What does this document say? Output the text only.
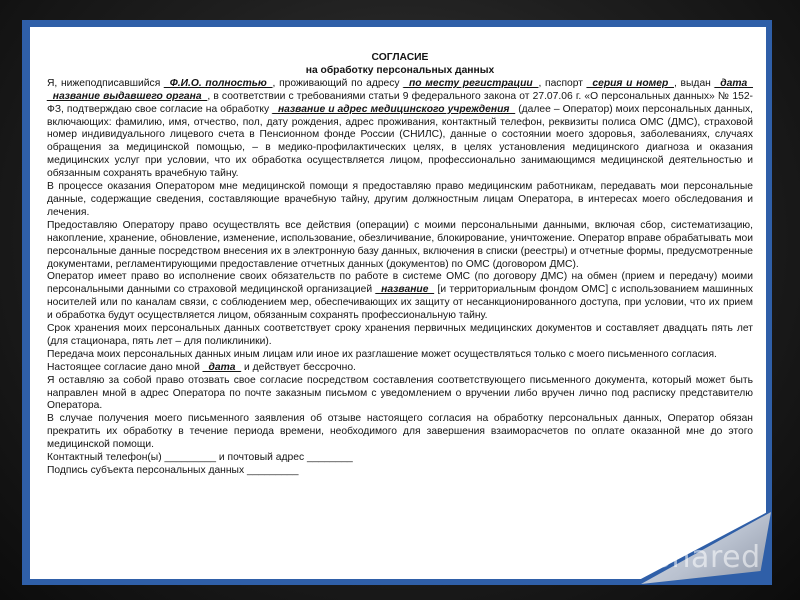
СОГЛАСИЕ
на обработку персональных данных

Я, нижеподписавшийся _Ф.И.О. полностью_, проживающий по адресу _по месту регистрации_, паспорт _серия и номер_, выдан _дата_ _название выдавшего органа_, в соответствии с требованиями статьи 9 федерального закона от 27.07.06 г. «О персональных данных» № 152-ФЗ, подтверждаю свое согласие на обработку _название и адрес медицинского учреждения_ (далее – Оператор) моих персональных данных, включающих: фамилию, имя, отчество, пол, дату рождения, адрес проживания, контактный телефон, реквизиты полиса ОМС (ДМС), страховой номер индивидуального лицевого счета в Пенсионном фонде России (СНИЛС), данные о состоянии моего здоровья, заболеваниях, случаях обращения за медицинской помощью, – в медико-профилактических целях, в целях установления медицинского диагноза и оказания медицинских услуг при условии, что их обработка осуществляется лицом, профессионально занимающимся медицинской деятельностью и обязанным сохранять врачебную тайну.

В процессе оказания Оператором мне медицинской помощи я предоставляю право медицинским работникам, передавать мои персональные данные, содержащие сведения, составляющие врачебную тайну, другим должностным лицам Оператора, в интересах моего обследования и лечения.

Предоставляю Оператору право осуществлять все действия (операции) с моими персональными данными, включая сбор, систематизацию, накопление, хранение, обновление, изменение, использование, обезличивание, блокирование, уничтожение. Оператор вправе обрабатывать мои персональные данные посредством внесения их в электронную базу данных, включения в списки (реестры) и отчетные формы, предусмотренные документами, регламентирующими предоставление отчетных данных (документов) по ОМС (договором ДМС).

Оператор имеет право во исполнение своих обязательств по работе в системе ОМС (по договору ДМС) на обмен (прием и передачу) моими персональными данными со страховой медицинской организацией _название_ [и территориальным фондом ОМС] с использованием машинных носителей или по каналам связи, с соблюдением мер, обеспечивающих их защиту от несанкционированного доступа, при условии, что их прием и обработка будут осуществляется лицом, обязанным сохранять профессиональную тайну.

Срок хранения моих персональных данных соответствует сроку хранения первичных медицинских документов и составляет двадцать пять лет (для стационара, пять лет – для поликлиники).

Передача моих персональных данных иным лицам или иное их разглашение может осуществляться только с моего письменного согласия.

Настоящее согласие дано мной _дата_ и действует бессрочно.

Я оставляю за собой право отозвать свое согласие посредством составления соответствующего письменного документа, который может быть направлен мной в адрес Оператора по почте заказным письмом с уведомлением о вручении либо вручен лично под расписку представителю Оператора.

В случае получения моего письменного заявления об отзыве настоящего согласия на обработку персональных данных, Оператор обязан прекратить их обработку в течение периода времени, необходимого для завершения взаиморасчетов по оплате оказанной мне до этого медицинской помощи.

Контактный телефон(ы) _________ и почтовый адрес ________

Подпись субъекта персональных данных _________

Shared
